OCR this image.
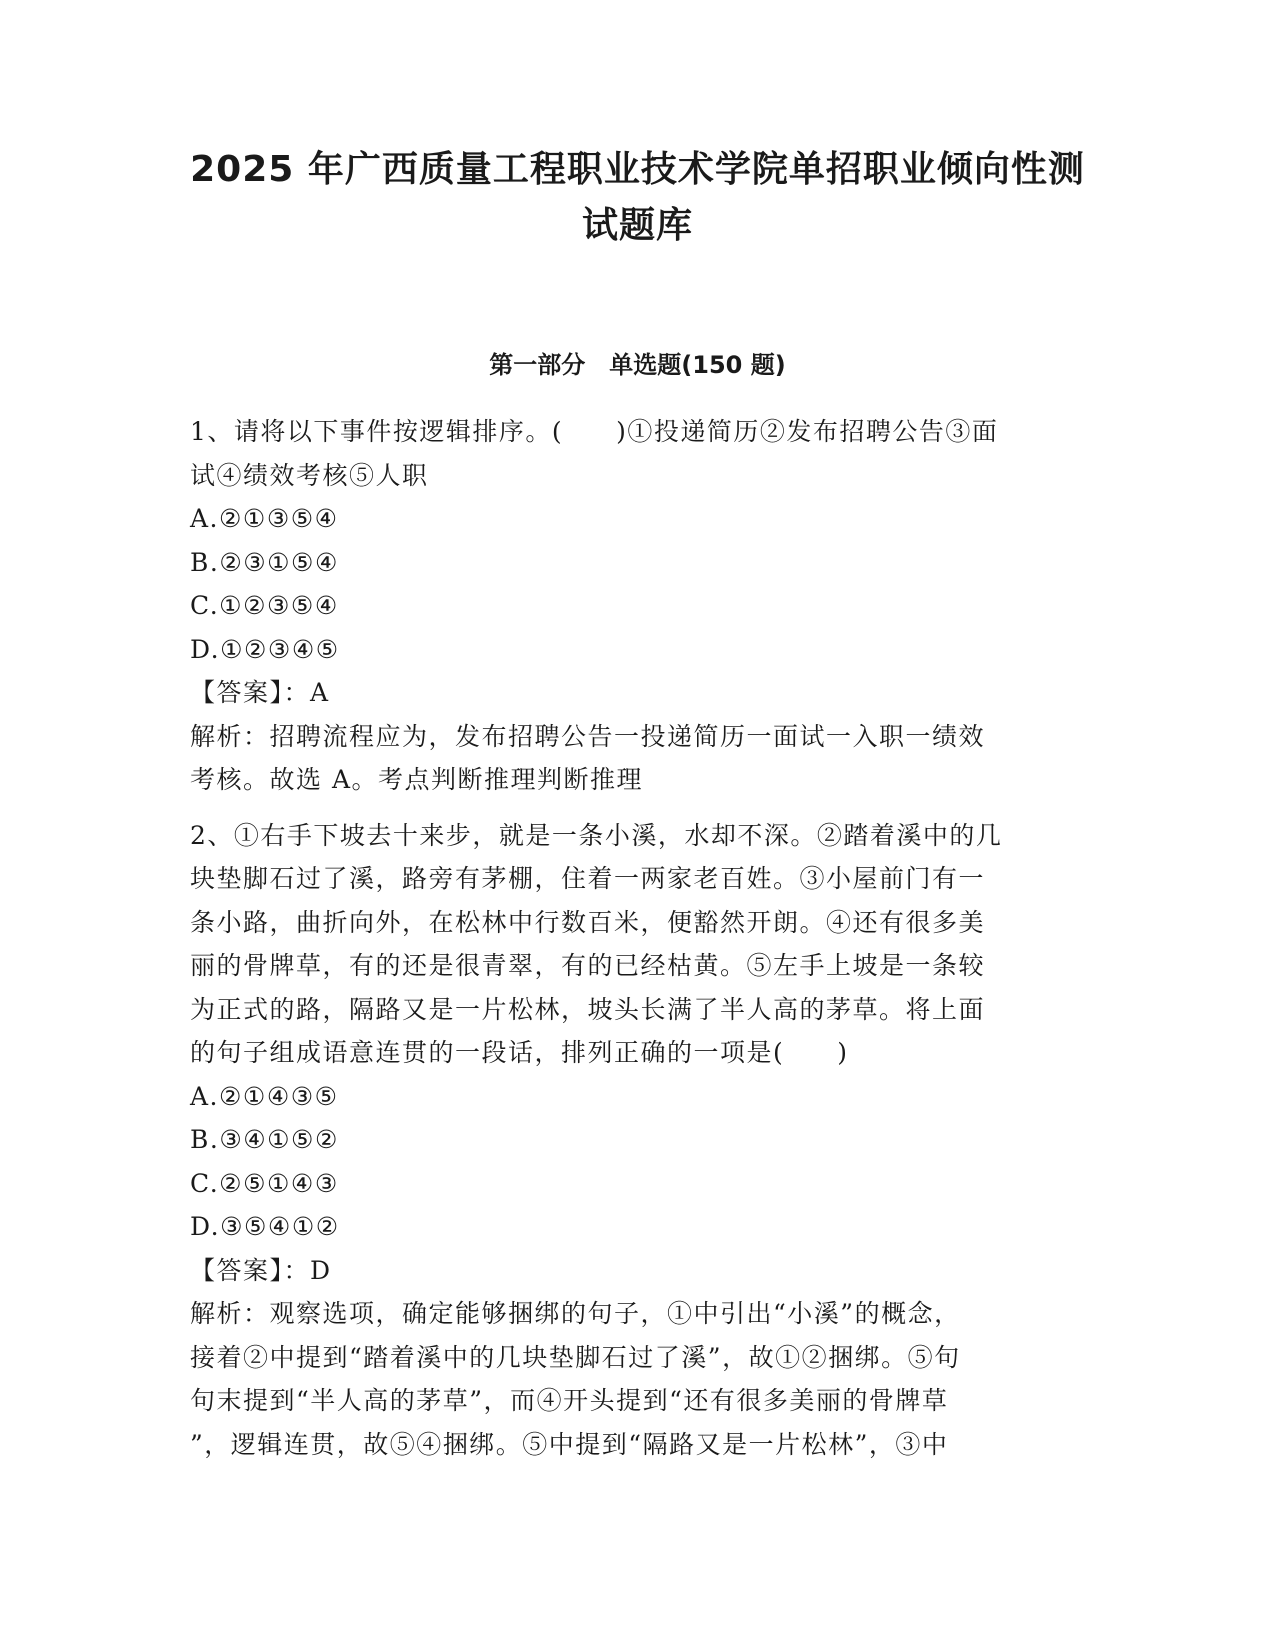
2025 年广西质量工程职业技术学院单招职业倾向性测
试题库
第一部分　单选题(150 题)

1、请将以下事件按逻辑排序。(　　)①投递简历②发布招聘公告③面

试④绩效考核⑤人职

A.②①③⑤④

B.②③①⑤④

C.①②③⑤④

D.①②③④⑤

【答案】：A

解析：招聘流程应为，发布招聘公告一投递简历一面试一入职一绩效

考核。故选 A。考点判断推理判断推理

2、①右手下坡去十来步，就是一条小溪，水却不深。②踏着溪中的几

块垫脚石过了溪，路旁有茅棚，住着一两家老百姓。③小屋前门有一

条小路，曲折向外，在松林中行数百米，便豁然开朗。④还有很多美

丽的骨牌草，有的还是很青翠，有的已经枯黄。⑤左手上坡是一条较

为正式的路，隔路又是一片松林，坡头长满了半人高的茅草。将上面

的句子组成语意连贯的一段话，排列正确的一项是(　　)

A.②①④③⑤

B.③④①⑤②

C.②⑤①④③

D.③⑤④①②

【答案】：D

解析：观察选项，确定能够捆绑的句子，①中引出“小溪”的概念，

接着②中提到“踏着溪中的几块垫脚石过了溪”，故①②捆绑。⑤句

句末提到“半人高的茅草”，而④开头提到“还有很多美丽的骨牌草

”，逻辑连贯，故⑤④捆绑。⑤中提到“隔路又是一片松林”，③中
